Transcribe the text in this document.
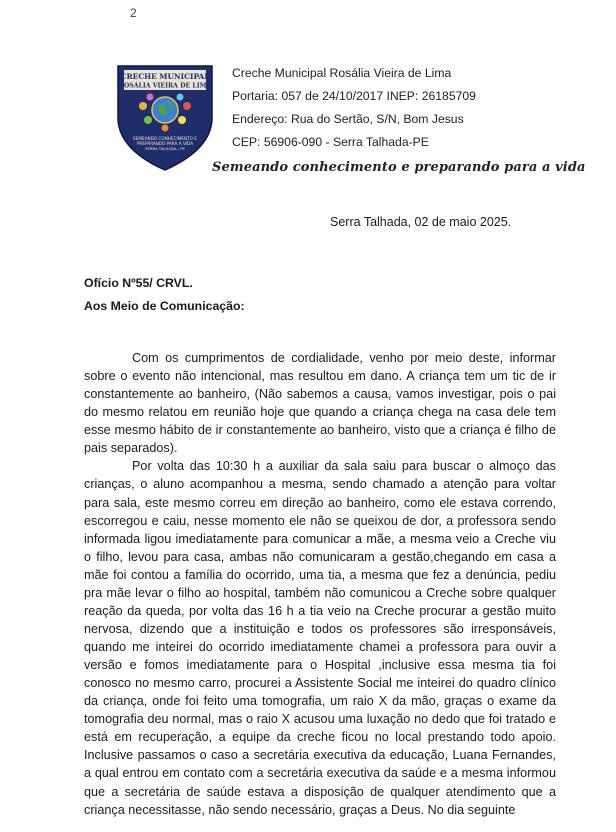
2
CRECHE MUNICIPAL
ROSÁLIA VIEIRA DE LIMA
SEMEANDO CONHECIMENTO E
PREPARANDO PARA A VIDA
SERRA TALHADA - PE
Creche Municipal Rosália Vieira de Lima
Portaria: 057 de 24/10/2017 INEP: 26185709
Endereço: Rua do Sertão, S/N, Bom Jesus
CEP: 56906-090 - Serra Talhada-PE
Semeando conhecimento e preparando para a vida
Serra Talhada, 02 de maio 2025.
Ofício Nº55/ CRVL.
Aos Meio de Comunicação:

Com os cumprimentos de cordialidade, venho por meio deste, informar sobre o evento não intencional, mas resultou em dano. A criança tem um tic de ir constantemente ao banheiro, (Não sabemos a causa, vamos investigar, pois o pai do mesmo relatou em reunião hoje que quando a criança chega na casa dele tem esse mesmo hábito de ir constantemente ao banheiro, visto que a criança é filho de pais separados).

Por volta das 10:30 h a auxiliar da sala saiu para buscar o almoço das crianças, o aluno acompanhou a mesma, sendo chamado a atenção para voltar para sala, este mesmo correu em direção ao banheiro, como ele estava correndo, escorregou e caiu, nesse momento ele não se queixou de dor, a professora sendo informada ligou imediatamente para comunicar a mãe, a mesma veio a Creche viu o filho, levou para casa, ambas não comunicaram a gestão,chegando em casa a mãe foi contou a família do ocorrido, uma tia, a mesma que fez a denúncia, pediu pra mãe levar o filho ao hospital, também não comunicou a Creche sobre qualquer reação da queda, por volta das 16 h a tia veio na Creche procurar a gestão muito nervosa, dizendo que a instituição e todos os professores são irresponsáveis, quando me inteirei do ocorrido imediatamente chamei a professora para ouvir a versão e fomos imediatamente para o Hospital ,inclusive essa mesma tia foi conosco no mesmo carro, procurei a Assistente Social me inteirei do quadro clínico da criança, onde foi feito uma tomografia, um raio X da mão, graças o exame da tomografia deu normal, mas o raio X acusou uma luxação no dedo que foi tratado e está em recuperação, a equipe da creche ficou no local prestando todo apoio. Inclusive passamos o caso a secretária executiva da educação, Luana Fernandes, a qual entrou em contato com a secretária executiva da saúde e a mesma informou que a secretária de saúde estava a disposição de qualquer atendimento que a criança necessitasse, não sendo necessário, graças a Deus. No dia seguinte
